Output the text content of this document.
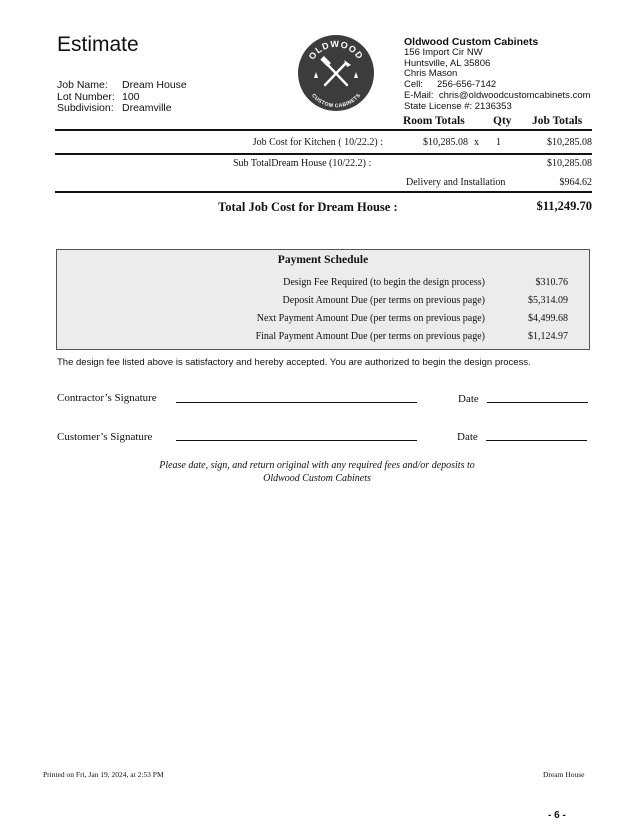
Estimate
Job Name: Dream House
Lot Number: 100
Subdivision: Dreamville
OLDWOOD
CUSTOM CABINETS
Oldwood Custom Cabinets
156 Import Cir NW
Huntsville, AL 35806
Chris Mason
Cell: 256-656-7142
E-Mail: chris@oldwoodcustomcabinets.com
State License #: 2136353
Room Totals Qty Job Totals
Job Cost for Kitchen ( 10/22.2) :	$10,285.08 x 1	$10,285.08
Sub TotalDream House (10/22.2) :	$10,285.08
Delivery and Installation	$964.62
Total Job Cost for Dream House :	$11,249.70
Payment Schedule
Design Fee Required (to begin the design process)	$310.76
Deposit Amount Due (per terms on previous page)	$5,314.09
Next Payment Amount Due (per terms on previous page)	$4,499.68
Final Payment Amount Due (per terms on previous page)	$1,124.97
The design fee listed above is satisfactory and hereby accepted. You are authorized to begin the design process.
Contractor’s Signature	Date
Customer’s Signature	Date
Please date, sign, and return original with any required fees and/or deposits to
Oldwood Custom Cabinets
Printed on Fri, Jan 19, 2024, at 2:53 PM	Dream House
- 6 -
